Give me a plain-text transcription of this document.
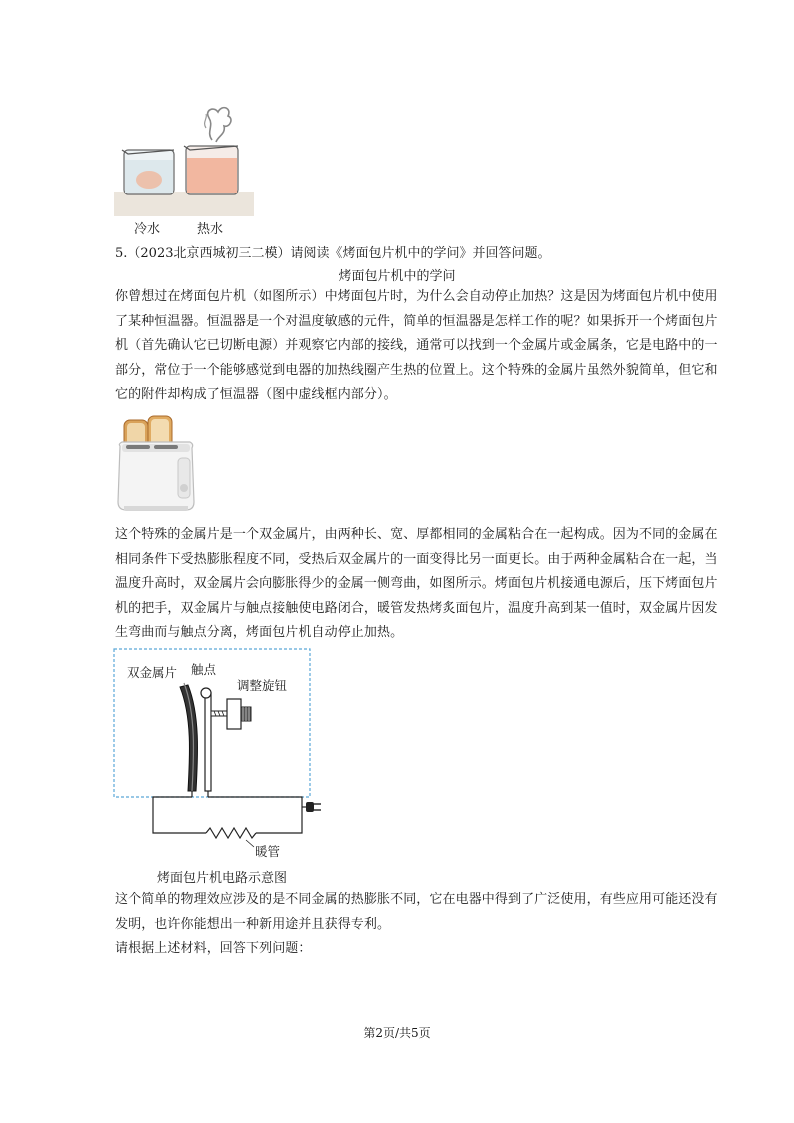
冷水	热水
5.（2023北京西城初三二模）请阅读《烤面包片机中的学问》并回答问题。
烤面包片机中的学问
你曾想过在烤面包片机（如图所示）中烤面包片时，为什么会自动停止加热？这是因为烤面包片机中使用
了某种恒温器。恒温器是一个对温度敏感的元件，简单的恒温器是怎样工作的呢？如果拆开一个烤面包片
机（首先确认它已切断电源）并观察它内部的接线，通常可以找到一个金属片或金属条，它是电路中的一
部分，常位于一个能够感觉到电器的加热线圈产生热的位置上。这个特殊的金属片虽然外貌简单，但它和
它的附件却构成了恒温器（图中虚线框内部分）。
这个特殊的金属片是一个双金属片，由两种长、宽、厚都相同的金属粘合在一起构成。因为不同的金属在
相同条件下受热膨胀程度不同，受热后双金属片的一面变得比另一面更长。由于两种金属粘合在一起，当
温度升高时，双金属片会向膨胀得少的金属一侧弯曲，如图所示。烤面包片机接通电源后，压下烤面包片
机的把手，双金属片与触点接触使电路闭合，暖管发热烤炙面包片，温度升高到某一值时，双金属片因发
生弯曲而与触点分离，烤面包片机自动停止加热。
双金属片 触点
调整旋钮
暖管
烤面包片机电路示意图
这个简单的物理效应涉及的是不同金属的热膨胀不同，它在电器中得到了广泛使用，有些应用可能还没有
发明，也许你能想出一种新用途并且获得专利。
请根据上述材料，回答下列问题：
第2页/共5页
